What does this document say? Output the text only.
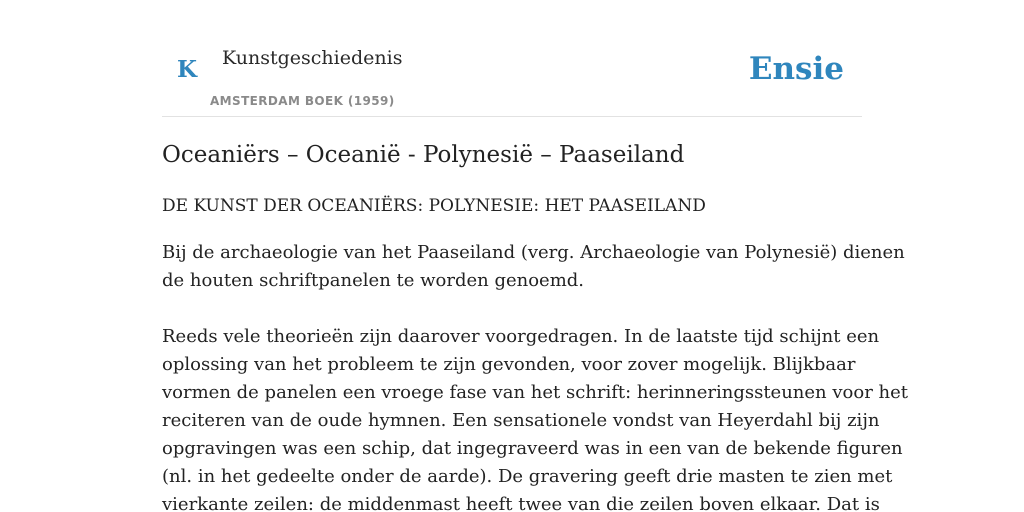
K Kunstgeschiedenis
AMSTERDAM BOEK (1959)
Ensie
Oceaniërs – Oceanië - Polynesië – Paaseiland
DE KUNST DER OCEANIËRS: POLYNESIE: HET PAASEILAND
Bij de archaeologie van het Paaseiland (verg. Archaeologie van Polynesië) dienen
de houten schriftpanelen te worden genoemd.
Reeds vele theorieën zijn daarover voorgedragen. In de laatste tijd schijnt een
oplossing van het probleem te zijn gevonden, voor zover mogelijk. Blijkbaar
vormen de panelen een vroege fase van het schrift: herinneringssteunen voor het
reciteren van de oude hymnen. Een sensationele vondst van Heyerdahl bij zijn
opgravingen was een schip, dat ingegraveerd was in een van de bekende figuren
(nl. in het gedeelte onder de aarde). De gravering geeft drie masten te zien met
vierkante zeilen: de middenmast heeft twee van die zeilen boven elkaar. Dat is
